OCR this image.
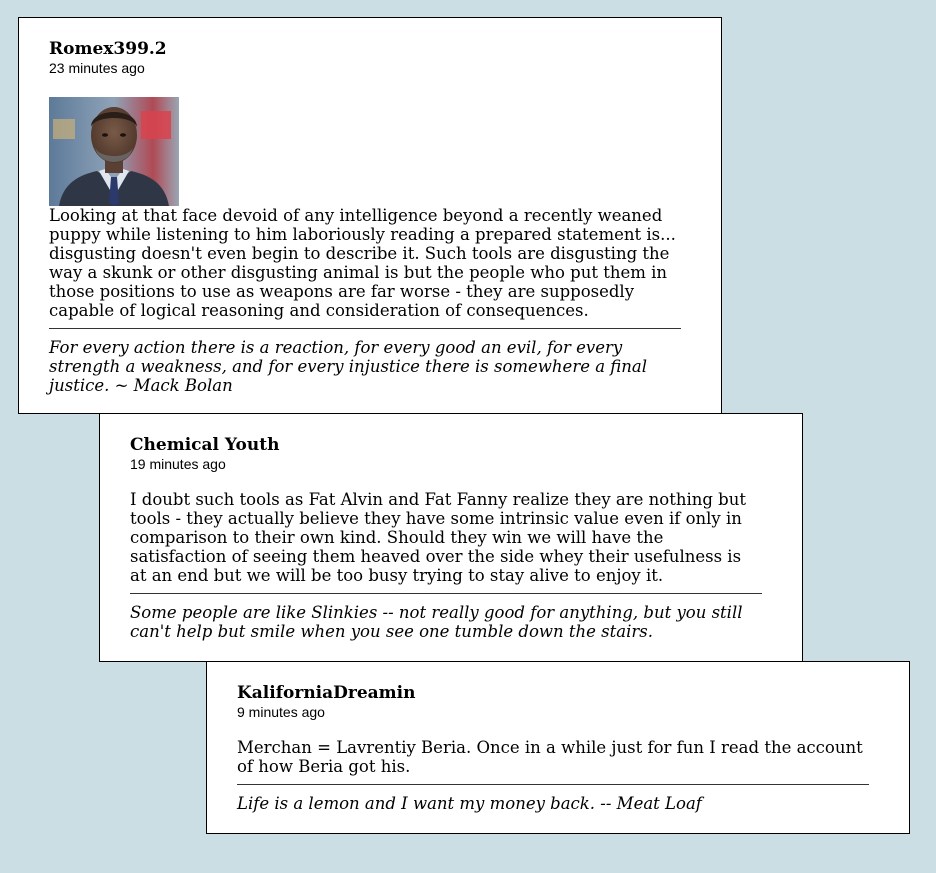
Romex399.2
23 minutes ago
Looking at that face devoid of any intelligence beyond a recently weaned puppy while listening to him laboriously reading a prepared statement is... disgusting doesn't even begin to describe it. Such tools are disgusting the way a skunk or other disgusting animal is but the people who put them in those positions to use as weapons are far worse - they are supposedly capable of logical reasoning and consideration of consequences.
For every action there is a reaction, for every good an evil, for every strength a weakness, and for every injustice there is somewhere a final justice. ~ Mack Bolan
Chemical Youth
19 minutes ago
I doubt such tools as Fat Alvin and Fat Fanny realize they are nothing but tools - they actually believe they have some intrinsic value even if only in comparison to their own kind. Should they win we will have the satisfaction of seeing them heaved over the side whey their usefulness is at an end but we will be too busy trying to stay alive to enjoy it.
Some people are like Slinkies -- not really good for anything, but you still can't help but smile when you see one tumble down the stairs.
KaliforniaDreamin
9 minutes ago
Merchan = Lavrentiy Beria. Once in a while just for fun I read the account of how Beria got his.
Life is a lemon and I want my money back. -- Meat Loaf
